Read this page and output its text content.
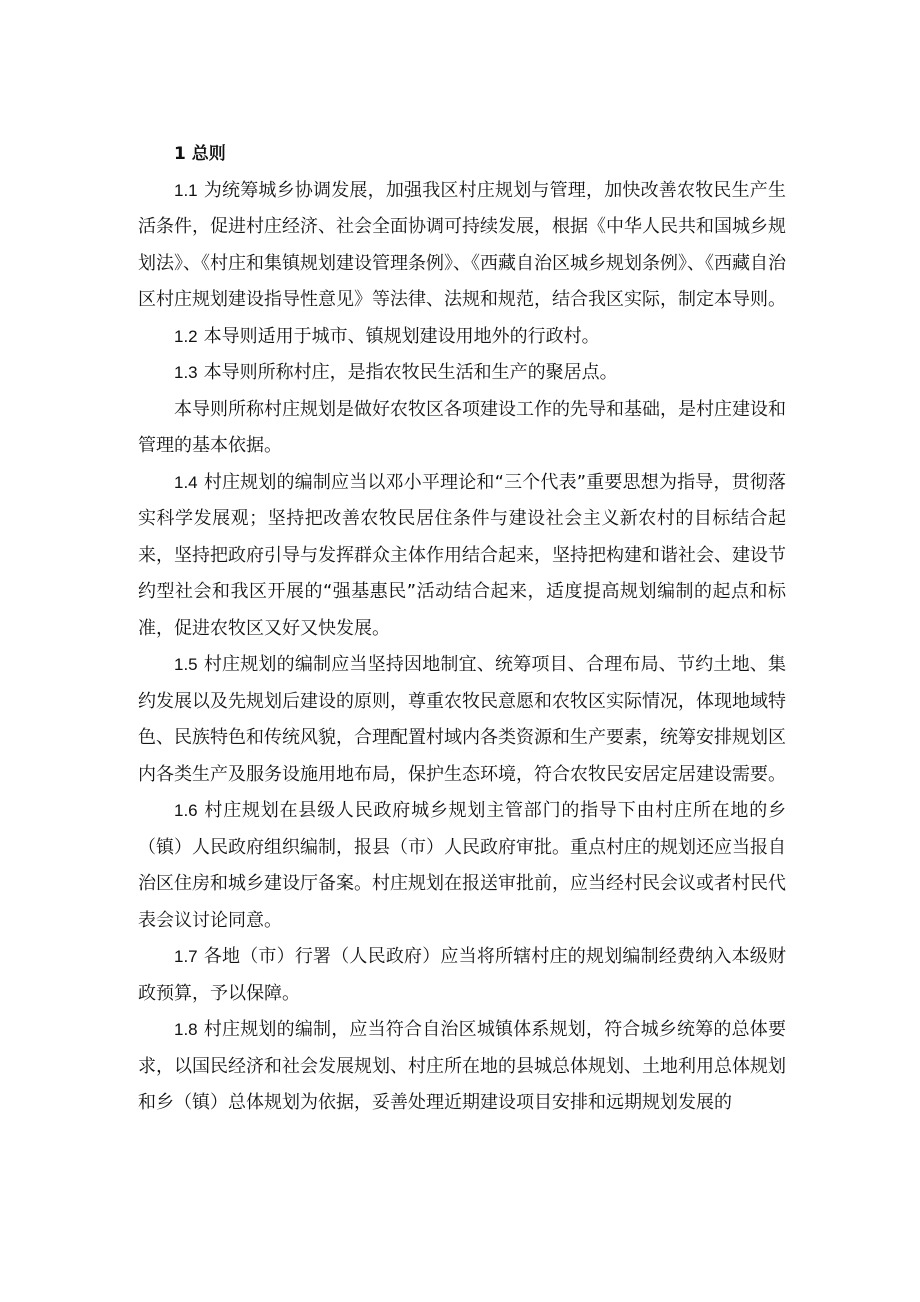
1 总则

1.1 为统筹城乡协调发展，加强我区村庄规划与管理，加快改善农牧民生产生活条件，促进村庄经济、社会全面协调可持续发展，根据《中华人民共和国城乡规划法》、《村庄和集镇规划建设管理条例》、《西藏自治区城乡规划条例》、《西藏自治区村庄规划建设指导性意见》等法律、法规和规范，结合我区实际，制定本导则。

1.2 本导则适用于城市、镇规划建设用地外的行政村。

1.3 本导则所称村庄，是指农牧民生活和生产的聚居点。

本导则所称村庄规划是做好农牧区各项建设工作的先导和基础，是村庄建设和管理的基本依据。

1.4 村庄规划的编制应当以邓小平理论和“三个代表”重要思想为指导，贯彻落实科学发展观；坚持把改善农牧民居住条件与建设社会主义新农村的目标结合起来，坚持把政府引导与发挥群众主体作用结合起来，坚持把构建和谐社会、建设节约型社会和我区开展的“强基惠民”活动结合起来，适度提高规划编制的起点和标准，促进农牧区又好又快发展。

1.5 村庄规划的编制应当坚持因地制宜、统筹项目、合理布局、节约土地、集约发展以及先规划后建设的原则，尊重农牧民意愿和农牧区实际情况，体现地域特色、民族特色和传统风貌，合理配置村域内各类资源和生产要素，统筹安排规划区内各类生产及服务设施用地布局，保护生态环境，符合农牧民安居定居建设需要。

1.6 村庄规划在县级人民政府城乡规划主管部门的指导下由村庄所在地的乡（镇）人民政府组织编制，报县（市）人民政府审批。重点村庄的规划还应当报自治区住房和城乡建设厅备案。村庄规划在报送审批前，应当经村民会议或者村民代表会议讨论同意。

1.7 各地（市）行署（人民政府）应当将所辖村庄的规划编制经费纳入本级财政预算，予以保障。

1.8 村庄规划的编制，应当符合自治区城镇体系规划，符合城乡统筹的总体要求，以国民经济和社会发展规划、村庄所在地的县城总体规划、土地利用总体规划和乡（镇）总体规划为依据，妥善处理近期建设项目安排和远期规划发展的
